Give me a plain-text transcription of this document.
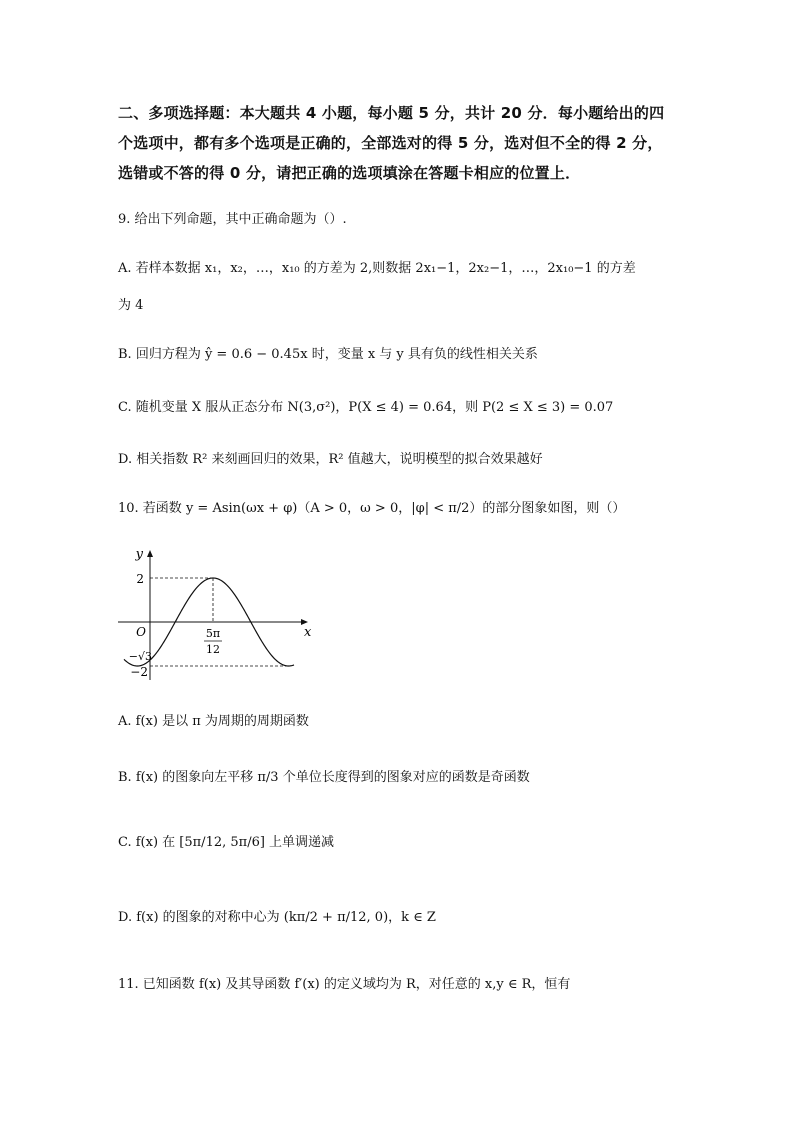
二、多项选择题：本大题共 4 小题，每小题 5 分，共计 20 分．每小题给出的四
个选项中，都有多个选项是正确的，全部选对的得 5 分，选对但不全的得 2 分，
选错或不答的得 0 分，请把正确的选项填涂在答题卡相应的位置上．
9. 给出下列命题，其中正确命题为（）.
A. 若样本数据 x₁，x₂，…，x₁₀ 的方差为 2,则数据 2x₁−1，2x₂−1，…，2x₁₀−1 的方差
为 4
B. 回归方程为 ŷ = 0.6 − 0.45x 时，变量 x 与 y 具有负的线性相关关系
C. 随机变量 X 服从正态分布 N(3,σ²)，P(X ≤ 4) = 0.64，则 P(2 ≤ X ≤ 3) = 0.07
D. 相关指数 R² 来刻画回归的效果，R² 值越大，说明模型的拟合效果越好
10. 若函数 y = Asin(ωx + φ)（A > 0，ω > 0，|φ| < π/2）的部分图象如图，则（）
y
x
O
2
−√3
−2
5π
12
A. f(x) 是以 π 为周期的周期函数
B. f(x) 的图象向左平移 π/3 个单位长度得到的图象对应的函数是奇函数
C. f(x) 在 [5π/12, 5π/6] 上单调递减
D. f(x) 的图象的对称中心为 (kπ/2 + π/12, 0)，k ∈ Z
11. 已知函数 f(x) 及其导函数 f′(x) 的定义域均为 R，对任意的 x,y ∈ R，恒有
